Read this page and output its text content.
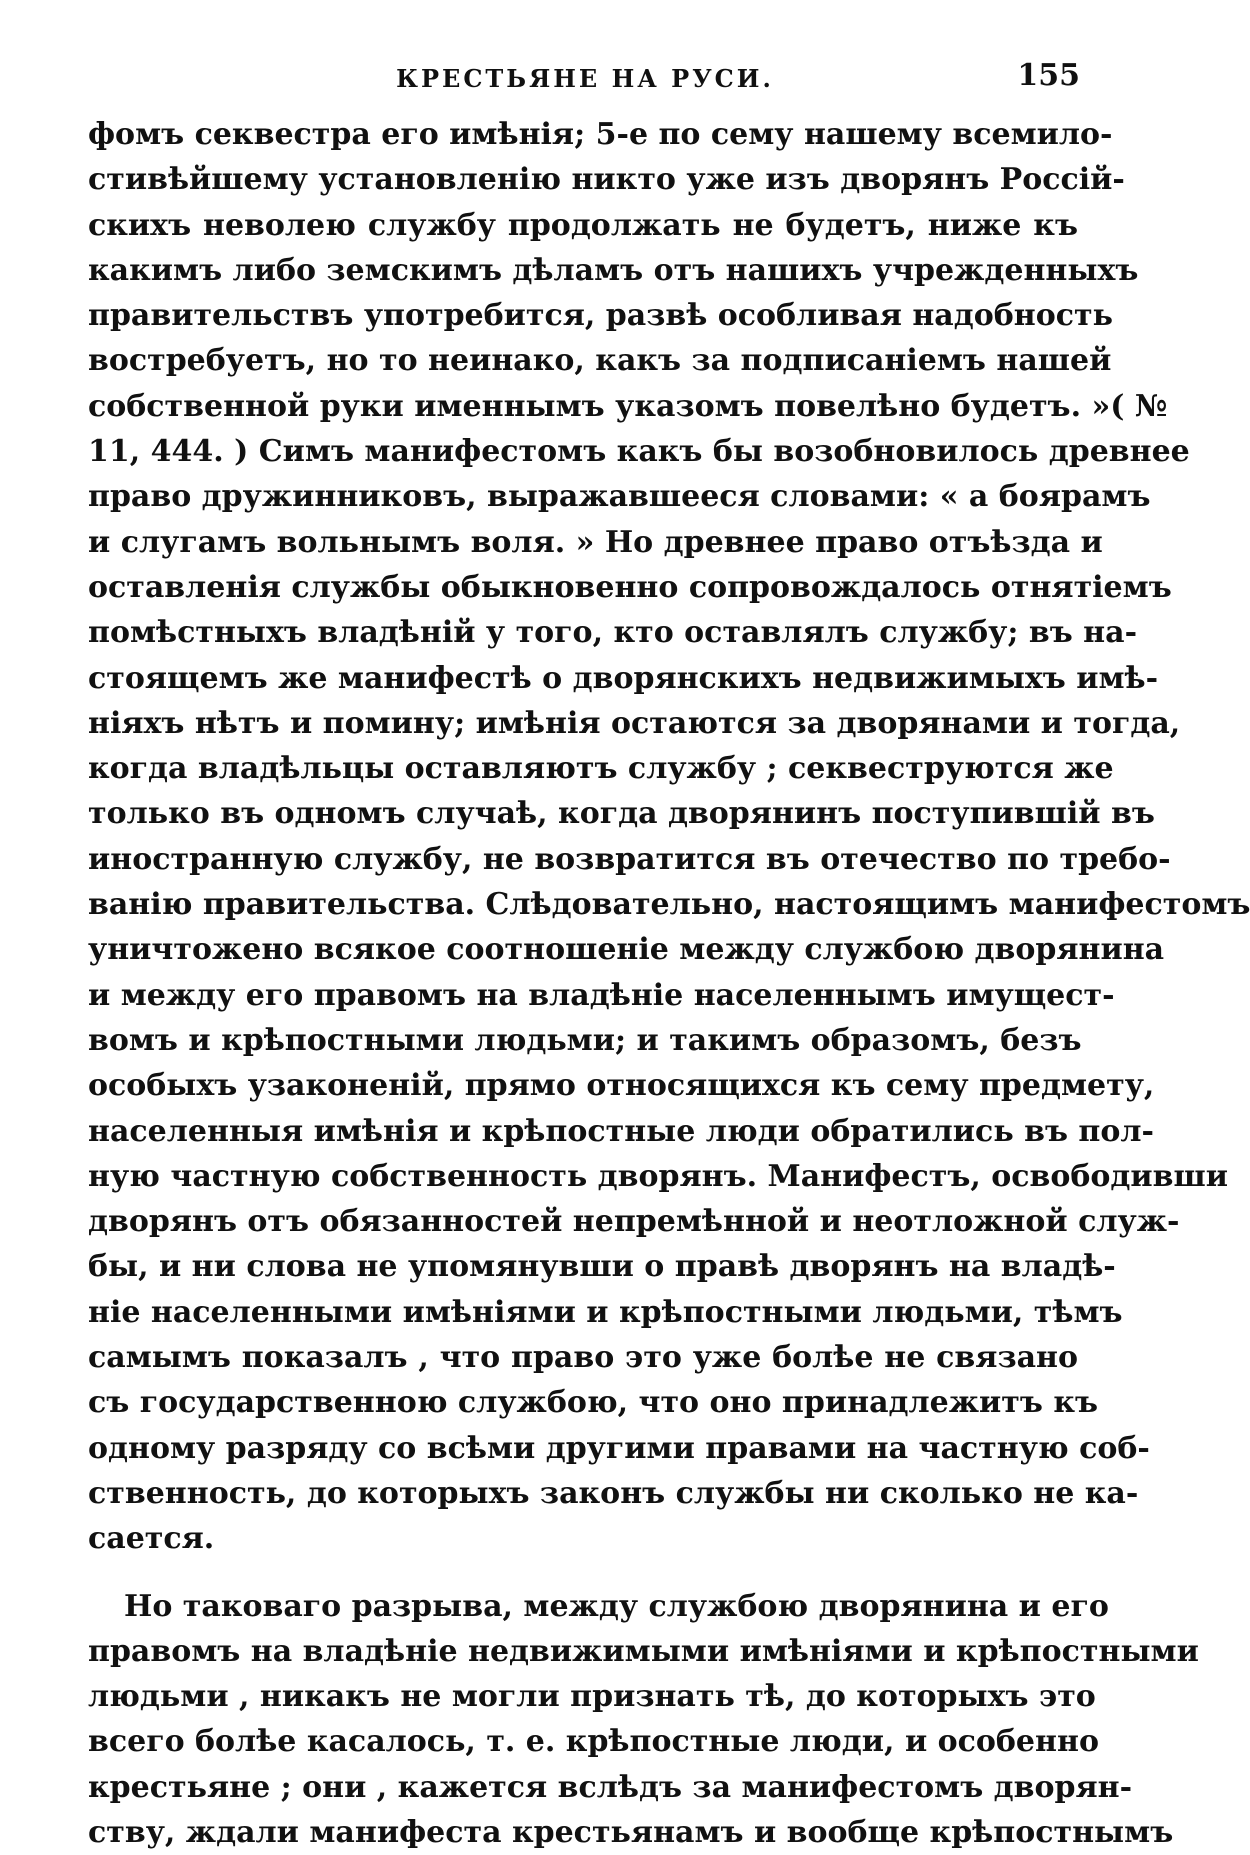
КРЕСТЬЯНЕ НА РУСИ.	155
фомъ секвестра его имѣнія; 5-е по сему нашему всемило-
стивѣйшему установленію никто уже изъ дворянъ Россій-
скихъ неволею службу продолжать не будетъ, ниже къ
какимъ либо земскимъ дѣламъ отъ нашихъ учрежденныхъ
правительствъ употребится, развѣ особливая надобность
востребуетъ, но то неинако, какъ за подписаніемъ нашей
собственной руки именнымъ указомъ повелѣно будетъ. »( №
11, 444. ) Симъ манифестомъ какъ бы возобновилось древнее
право дружинниковъ, выражавшееся словами: « а боярамъ
и слугамъ вольнымъ воля. » Но древнее право отъѣзда и
оставленія службы обыкновенно сопровождалось отнятіемъ
помѣстныхъ владѣній у того, кто оставлялъ службу; въ на-
стоящемъ же манифестѣ о дворянскихъ недвижимыхъ имѣ-
ніяхъ нѣтъ и помину; имѣнія остаются за дворянами и тогда,
когда владѣльцы оставляютъ службу ; секвеструются же
только въ одномъ случаѣ, когда дворянинъ поступившій въ
иностранную службу, не возвратится въ отечество по требо-
ванію правительства. Слѣдовательно, настоящимъ манифестомъ
уничтожено всякое соотношеніе между службою дворянина
и между его правомъ на владѣніе населеннымъ имущест-
вомъ и крѣпостными людьми; и такимъ образомъ, безъ
особыхъ узаконеній, прямо относящихся къ сему предмету,
населенныя имѣнія и крѣпостные люди обратились въ пол-
ную частную собственность дворянъ. Манифестъ, освободивши
дворянъ отъ обязанностей непремѣнной и неотложной служ-
бы, и ни слова не упомянувши о правѣ дворянъ на владѣ-
ніе населенными имѣніями и крѣпостными людьми, тѣмъ
самымъ показалъ , что право это уже болѣе не связано
съ государственною службою, что оно принадлежитъ къ
одному разряду со всѣми другими правами на частную соб-
ственность, до которыхъ законъ службы ни сколько не ка-
сается.
Но таковаго разрыва, между службою дворянина и его
правомъ на владѣніе недвижимыми имѣніями и крѣпостными
людьми , никакъ не могли признать тѣ, до которыхъ это
всего болѣе касалось, т. е. крѣпостные люди, и особенно
крестьяне ; они , кажется вслѣдъ за манифестомъ дворян-
ству, ждали манифеста крестьянамъ и вообще крѣпостнымъ
